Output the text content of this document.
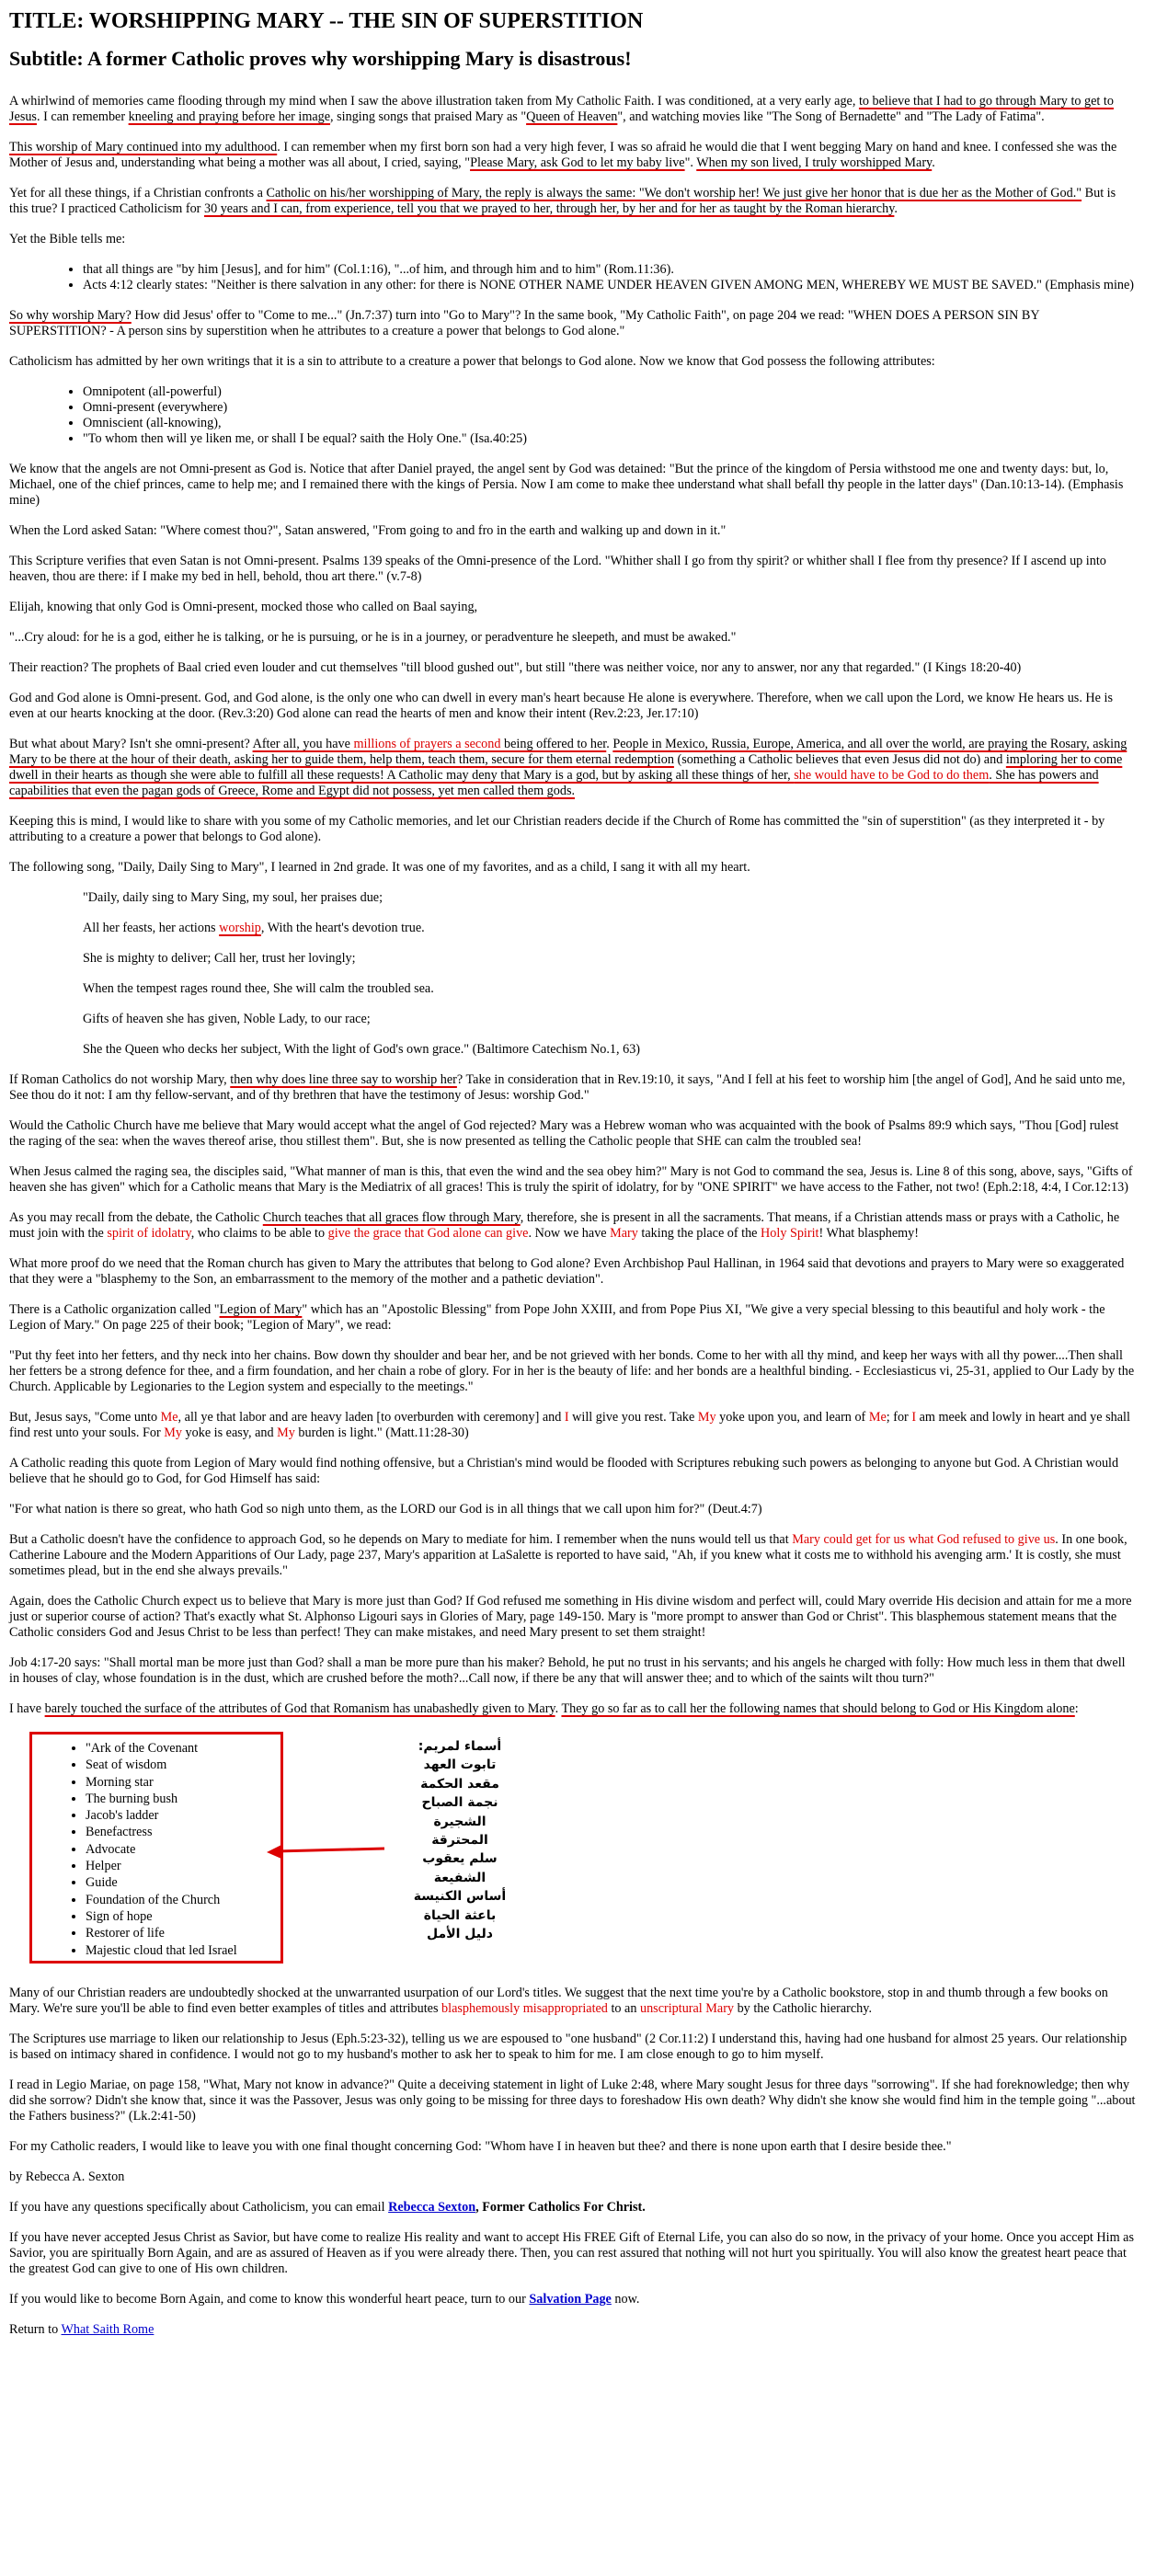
TITLE: WORSHIPPING MARY -- THE SIN OF SUPERSTITION
Subtitle: A former Catholic proves why worshipping Mary is disastrous!

A whirlwind of memories came flooding through my mind when I saw the above illustration taken from My Catholic Faith. I was conditioned, at a very early age, to believe that I had to go through Mary to get to Jesus. I can remember kneeling and praying before her image, singing songs that praised Mary as "Queen of Heaven", and watching movies like "The Song of Bernadette" and "The Lady of Fatima".

This worship of Mary continued into my adulthood. I can remember when my first born son had a very high fever, I was so afraid he would die that I went begging Mary on hand and knee. I confessed she was the Mother of Jesus and, understanding what being a mother was all about, I cried, saying, "Please Mary, ask God to let my baby live". When my son lived, I truly worshipped Mary.

Yet for all these things, if a Christian confronts a Catholic on his/her worshipping of Mary, the reply is always the same: "We don't worship her! We just give her honor that is due her as the Mother of God." But is this true? I practiced Catholicism for 30 years and I can, from experience, tell you that we prayed to her, through her, by her and for her as taught by the Roman hierarchy.

Yet the Bible tells me:

• that all things are "by him [Jesus], and for him" (Col.1:16), "...of him, and through him and to him" (Rom.11:36).
• Acts 4:12 clearly states: "Neither is there salvation in any other: for there is NONE OTHER NAME UNDER HEAVEN GIVEN AMONG MEN, WHEREBY WE MUST BE SAVED." (Emphasis mine)

So why worship Mary? How did Jesus' offer to "Come to me..." (Jn.7:37) turn into "Go to Mary"? In the same book, "My Catholic Faith", on page 204 we read: "WHEN DOES A PERSON SIN BY SUPERSTITION? - A person sins by superstition when he attributes to a creature a power that belongs to God alone."

Catholicism has admitted by her own writings that it is a sin to attribute to a creature a power that belongs to God alone. Now we know that God possess the following attributes:

• Omnipotent (all-powerful)
• Omni-present (everywhere)
• Omniscient (all-knowing),
• "To whom then will ye liken me, or shall I be equal? saith the Holy One." (Isa.40:25)

We know that the angels are not Omni-present as God is. Notice that after Daniel prayed, the angel sent by God was detained: "But the prince of the kingdom of Persia withstood me one and twenty days: but, lo, Michael, one of the chief princes, came to help me; and I remained there with the kings of Persia. Now I am come to make thee understand what shall befall thy people in the latter days" (Dan.10:13-14). (Emphasis mine)

When the Lord asked Satan: "Where comest thou?", Satan answered, "From going to and fro in the earth and walking up and down in it."

This Scripture verifies that even Satan is not Omni-present. Psalms 139 speaks of the Omni-presence of the Lord. "Whither shall I go from thy spirit? or whither shall I flee from thy presence? If I ascend up into heaven, thou are there: if I make my bed in hell, behold, thou art there." (v.7-8)

Elijah, knowing that only God is Omni-present, mocked those who called on Baal saying,

"...Cry aloud: for he is a god, either he is talking, or he is pursuing, or he is in a journey, or peradventure he sleepeth, and must be awaked."

Their reaction? The prophets of Baal cried even louder and cut themselves "till blood gushed out", but still "there was neither voice, nor any to answer, nor any that regarded." (I Kings 18:20-40)

God and God alone is Omni-present. God, and God alone, is the only one who can dwell in every man's heart because He alone is everywhere. Therefore, when we call upon the Lord, we know He hears us. He is even at our hearts knocking at the door. (Rev.3:20) God alone can read the hearts of men and know their intent (Rev.2:23, Jer.17:10)

But what about Mary? Isn't she omni-present? After all, you have millions of prayers a second being offered to her. People in Mexico, Russia, Europe, America, and all over the world, are praying the Rosary, asking Mary to be there at the hour of their death, asking her to guide them, help them, teach them, secure for them eternal redemption (something a Catholic believes that even Jesus did not do) and imploring her to come dwell in their hearts as though she were able to fulfill all these requests! A Catholic may deny that Mary is a god, but by asking all these things of her, she would have to be God to do them. She has powers and capabilities that even the pagan gods of Greece, Rome and Egypt did not possess, yet men called them gods.

Keeping this is mind, I would like to share with you some of my Catholic memories, and let our Christian readers decide if the Church of Rome has committed the "sin of superstition" (as they interpreted it - by attributing to a creature a power that belongs to God alone).

The following song, "Daily, Daily Sing to Mary", I learned in 2nd grade. It was one of my favorites, and as a child, I sang it with all my heart.

"Daily, daily sing to Mary Sing, my soul, her praises due;

All her feasts, her actions worship, With the heart's devotion true.

She is mighty to deliver; Call her, trust her lovingly;

When the tempest rages round thee, She will calm the troubled sea.

Gifts of heaven she has given, Noble Lady, to our race;

She the Queen who decks her subject, With the light of God's own grace." (Baltimore Catechism No.1, 63)

If Roman Catholics do not worship Mary, then why does line three say to worship her? Take in consideration that in Rev.19:10, it says, "And I fell at his feet to worship him [the angel of God], And he said unto me, See thou do it not: I am thy fellow-servant, and of thy brethren that have the testimony of Jesus: worship God."

Would the Catholic Church have me believe that Mary would accept what the angel of God rejected? Mary was a Hebrew woman who was acquainted with the book of Psalms 89:9 which says, "Thou [God] rulest the raging of the sea: when the waves thereof arise, thou stillest them". But, she is now presented as telling the Catholic people that SHE can calm the troubled sea!

When Jesus calmed the raging sea, the disciples said, "What manner of man is this, that even the wind and the sea obey him?" Mary is not God to command the sea, Jesus is. Line 8 of this song, above, says, "Gifts of heaven she has given" which for a Catholic means that Mary is the Mediatrix of all graces! This is truly the spirit of idolatry, for by "ONE SPIRIT" we have access to the Father, not two! (Eph.2:18, 4:4, I Cor.12:13)

As you may recall from the debate, the Catholic Church teaches that all graces flow through Mary, therefore, she is present in all the sacraments. That means, if a Christian attends mass or prays with a Catholic, he must join with the spirit of idolatry, who claims to be able to give the grace that God alone can give. Now we have Mary taking the place of the Holy Spirit! What blasphemy!

What more proof do we need that the Roman church has given to Mary the attributes that belong to God alone? Even Archbishop Paul Hallinan, in 1964 said that devotions and prayers to Mary were so exaggerated that they were a "blasphemy to the Son, an embarrassment to the memory of the mother and a pathetic deviation".

There is a Catholic organization called "Legion of Mary" which has an "Apostolic Blessing" from Pope John XXIII, and from Pope Pius XI, "We give a very special blessing to this beautiful and holy work - the Legion of Mary." On page 225 of their book; "Legion of Mary", we read:

"Put thy feet into her fetters, and thy neck into her chains. Bow down thy shoulder and bear her, and be not grieved with her bonds. Come to her with all thy mind, and keep her ways with all thy power....Then shall her fetters be a strong defence for thee, and a firm foundation, and her chain a robe of glory. For in her is the beauty of life: and her bonds are a healthful binding. - Ecclesiasticus vi, 25-31, applied to Our Lady by the Church. Applicable by Legionaries to the Legion system and especially to the meetings."

But, Jesus says, "Come unto Me, all ye that labor and are heavy laden [to overburden with ceremony] and I will give you rest. Take My yoke upon you, and learn of Me; for I am meek and lowly in heart and ye shall find rest unto your souls. For My yoke is easy, and My burden is light." (Matt.11:28-30)

A Catholic reading this quote from Legion of Mary would find nothing offensive, but a Christian's mind would be flooded with Scriptures rebuking such powers as belonging to anyone but God. A Christian would believe that he should go to God, for God Himself has said:

"For what nation is there so great, who hath God so nigh unto them, as the LORD our God is in all things that we call upon him for?" (Deut.4:7)

But a Catholic doesn't have the confidence to approach God, so he depends on Mary to mediate for him. I remember when the nuns would tell us that Mary could get for us what God refused to give us. In one book, Catherine Laboure and the Modern Apparitions of Our Lady, page 237, Mary's apparition at LaSalette is reported to have said, "Ah, if you knew what it costs me to withhold his avenging arm.' It is costly, she must sometimes plead, but in the end she always prevails."

Again, does the Catholic Church expect us to believe that Mary is more just than God? If God refused me something in His divine wisdom and perfect will, could Mary override His decision and attain for me a more just or superior course of action? That's exactly what St. Alphonso Ligouri says in Glories of Mary, page 149-150. Mary is "more prompt to answer than God or Christ". This blasphemous statement means that the Catholic considers God and Jesus Christ to be less than perfect! They can make mistakes, and need Mary present to set them straight!

Job 4:17-20 says: "Shall mortal man be more just than God? shall a man be more pure than his maker? Behold, he put no trust in his servants; and his angels he charged with folly: How much less in them that dwell in houses of clay, whose foundation is in the dust, which are crushed before the moth?...Call now, if there be any that will answer thee; and to which of the saints wilt thou turn?"

I have barely touched the surface of the attributes of God that Romanism has unabashedly given to Mary. They go so far as to call her the following names that should belong to God or His Kingdom alone:

• "Ark of the Covenant
• Seat of wisdom
• Morning star
• The burning bush
• Jacob's ladder
• Benefactress
• Advocate
• Helper
• Guide
• Foundation of the Church
• Sign of hope
• Restorer of life
• Majestic cloud that led Israel
أسماء لمريم:
تابوت العهد
مقعد الحكمة
نجمة الصباح
الشجيرة المحترقة
سلم يعقوب
الشفيعة
أساس الكنيسة
باعثة الحياة
دليل الأمل

Many of our Christian readers are undoubtedly shocked at the unwarranted usurpation of our Lord's titles. We suggest that the next time you're by a Catholic bookstore, stop in and thumb through a few books on Mary. We're sure you'll be able to find even better examples of titles and attributes blasphemously misappropriated to an unscriptural Mary by the Catholic hierarchy.

The Scriptures use marriage to liken our relationship to Jesus (Eph.5:23-32), telling us we are espoused to "one husband" (2 Cor.11:2) I understand this, having had one husband for almost 25 years. Our relationship is based on intimacy shared in confidence. I would not go to my husband's mother to ask her to speak to him for me. I am close enough to go to him myself.

I read in Legio Mariae, on page 158, "What, Mary not know in advance?" Quite a deceiving statement in light of Luke 2:48, where Mary sought Jesus for three days "sorrowing". If she had foreknowledge; then why did she sorrow? Didn't she know that, since it was the Passover, Jesus was only going to be missing for three days to foreshadow His own death? Why didn't she know she would find him in the temple going "...about the Fathers business?" (Lk.2:41-50)

For my Catholic readers, I would like to leave you with one final thought concerning God: "Whom have I in heaven but thee? and there is none upon earth that I desire beside thee."

by Rebecca A. Sexton

If you have any questions specifically about Catholicism, you can email Rebecca Sexton, Former Catholics For Christ.

If you have never accepted Jesus Christ as Savior, but have come to realize His reality and want to accept His FREE Gift of Eternal Life, you can also do so now, in the privacy of your home. Once you accept Him as Savior, you are spiritually Born Again, and are as assured of Heaven as if you were already there. Then, you can rest assured that nothing will not hurt you spiritually. You will also know the greatest heart peace that the greatest God can give to one of His own children.

If you would like to become Born Again, and come to know this wonderful heart peace, turn to our Salvation Page now.

Return to What Saith Rome
